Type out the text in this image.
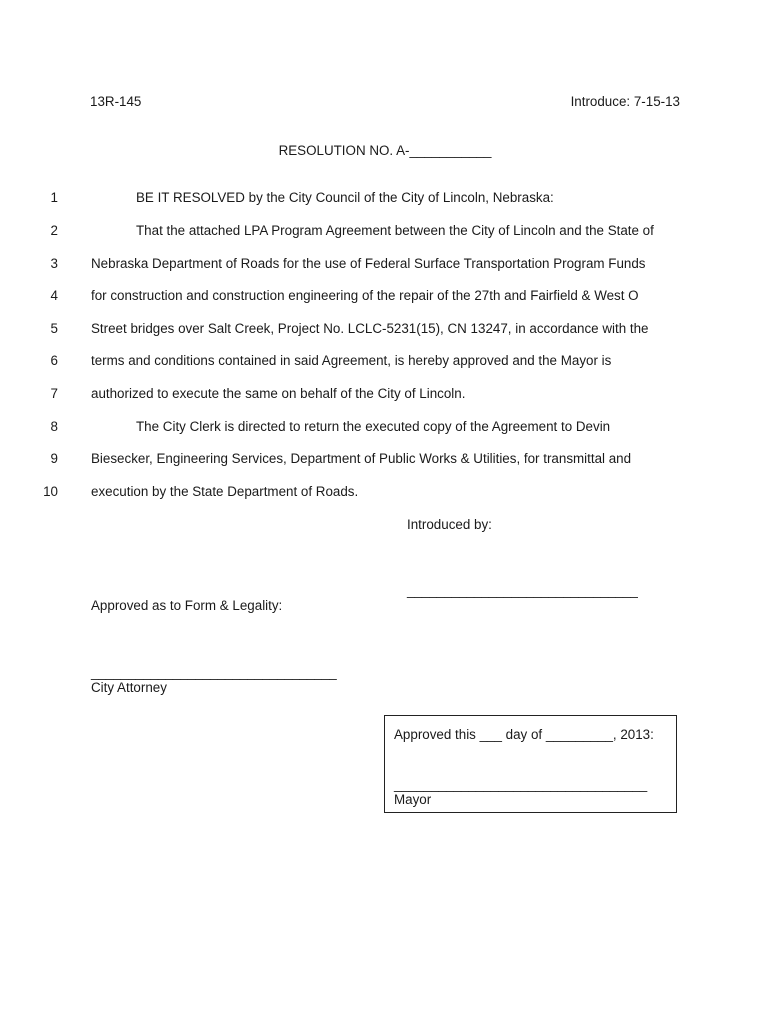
13R-145	Introduce: 7-15-13
RESOLUTION NO. A-___________
1	BE IT RESOLVED by the City Council of the City of Lincoln, Nebraska:
2	That the attached LPA Program Agreement between the City of Lincoln and the State of
3 Nebraska Department of Roads for the use of Federal Surface Transportation Program Funds
4 for construction and construction engineering of the repair of the 27th and Fairfield & West O
5 Street bridges over Salt Creek, Project No. LCLC-5231(15), CN 13247, in accordance with the
6 terms and conditions contained in said Agreement, is hereby approved and the Mayor is
7 authorized to execute the same on behalf of the City of Lincoln.
8	The City Clerk is directed to return the executed copy of the Agreement to Devin
9 Biesecker, Engineering Services, Department of Public Works & Utilities, for transmittal and
10 execution by the State Department of Roads.
Introduced by:
_______________________________
Approved as to Form & Legality:
_________________________________
City Attorney
Approved this ___ day of _________, 2013:
__________________________________
Mayor
